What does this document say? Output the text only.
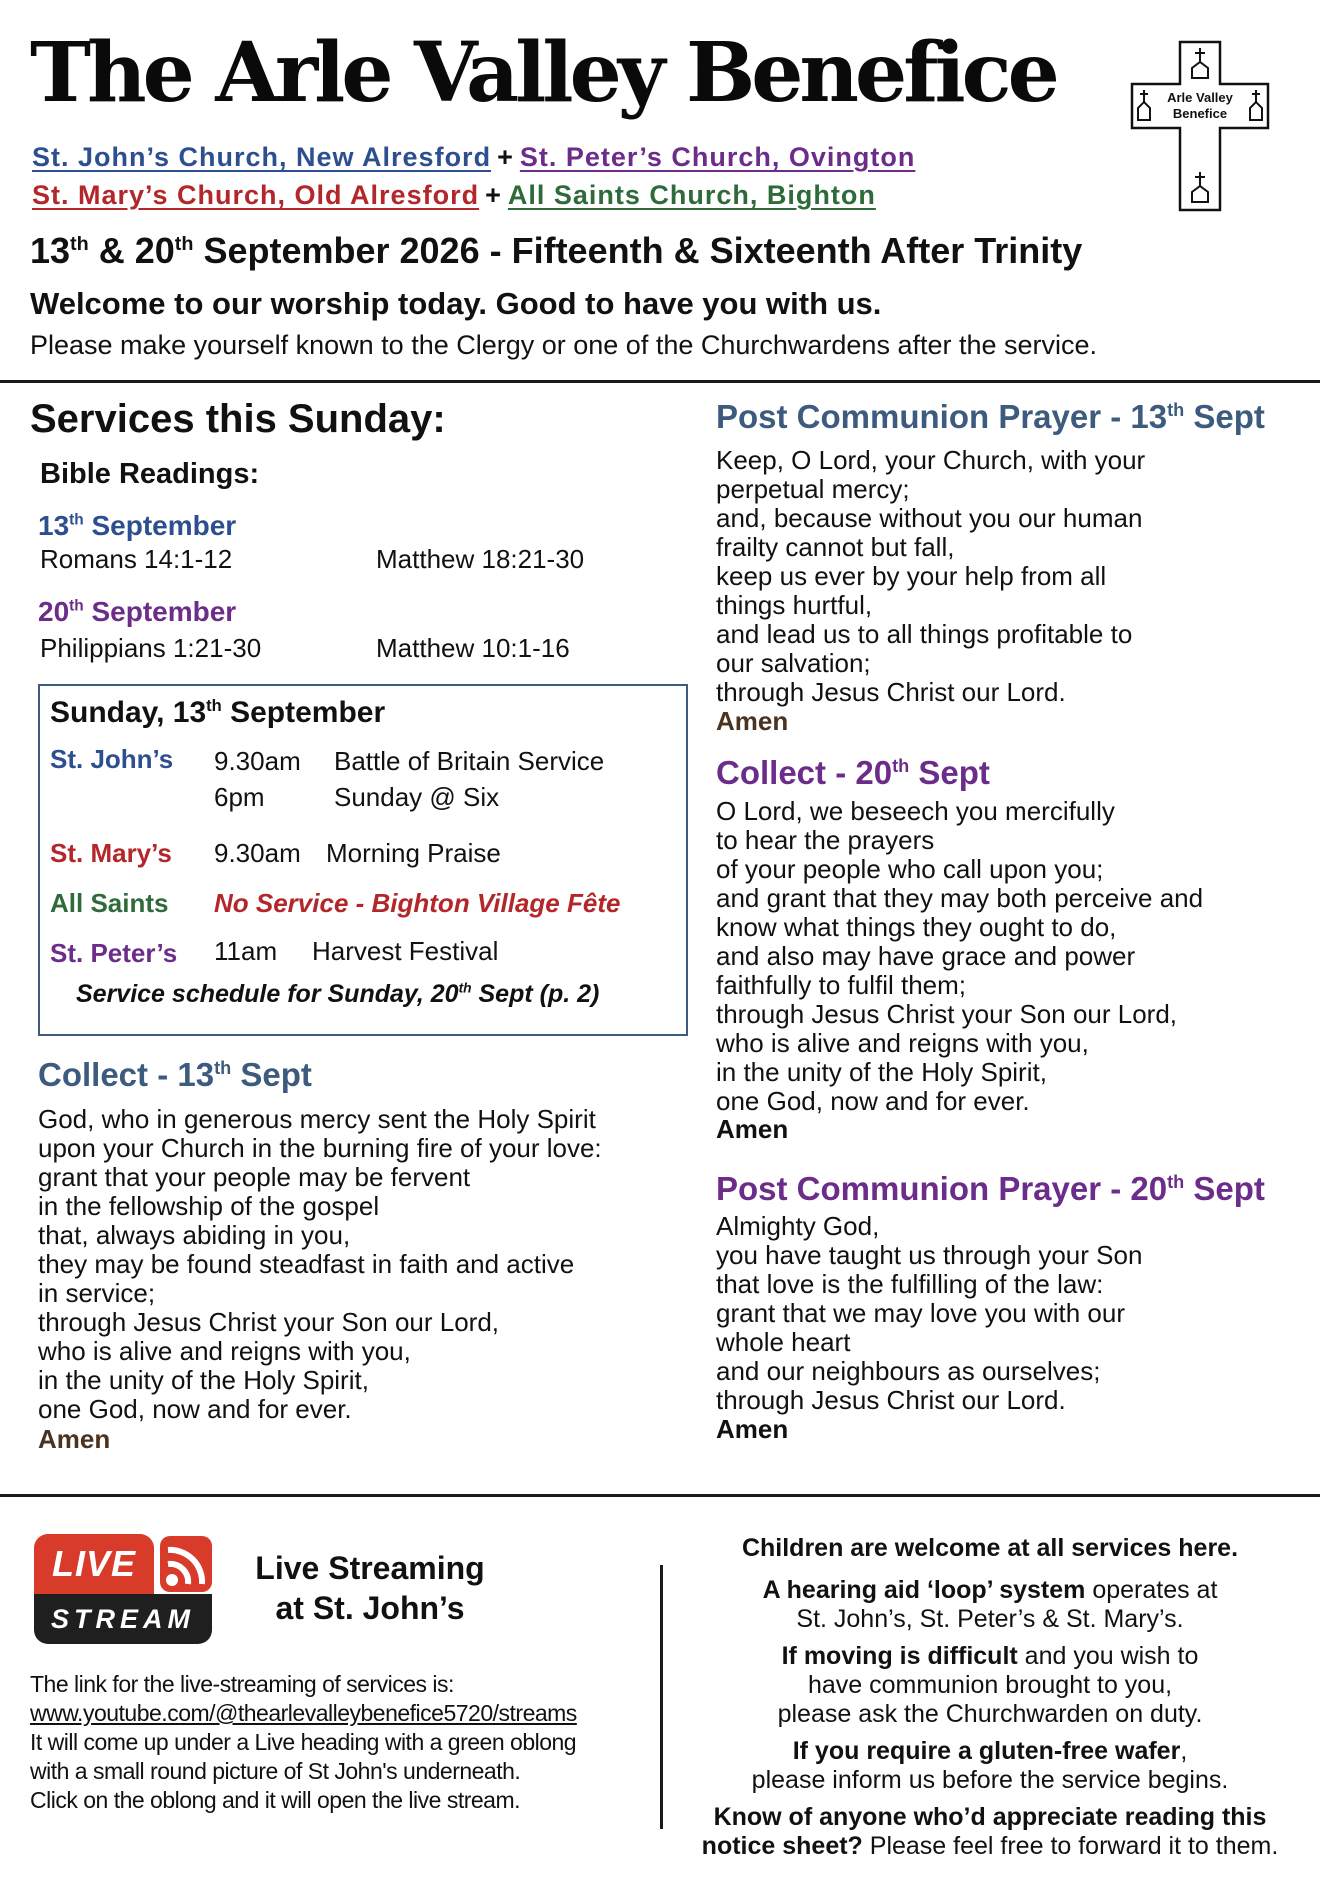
The Arle Valley Benefice
St. John’s Church, New Alresford + St. Peter’s Church, Ovington
St. Mary’s Church, Old Alresford + All Saints Church, Bighton
Arle Valley
Benefice
13th & 20th September 2026 - Fifteenth & Sixteenth After Trinity
Welcome to our worship today. Good to have you with us.
Please make yourself known to the Clergy or one of the Churchwardens after the service.
Services this Sunday:
Bible Readings:
13th September
Romans 14:1-12	Matthew 18:21-30
20th September
Philippians 1:21-30	Matthew 10:1-16
Sunday, 13th September
St. John’s 9.30am Battle of Britain Service
6pm	Sunday @ Six
St. Mary’s 9.30am Morning Praise
All Saints No Service - Bighton Village Fête
St. Peter’s 11am Harvest Festival
Service schedule for Sunday, 20th Sept (p. 2)
Collect - 13th Sept
God, who in generous mercy sent the Holy Spirit
upon your Church in the burning fire of your love:
grant that your people may be fervent
in the fellowship of the gospel
that, always abiding in you,
they may be found steadfast in faith and active
in service;
through Jesus Christ your Son our Lord,
who is alive and reigns with you,
in the unity of the Holy Spirit,
one God, now and for ever.
Amen
Post Communion Prayer - 13th Sept
Keep, O Lord, your Church, with your
perpetual mercy;
and, because without you our human
frailty cannot but fall,
keep us ever by your help from all
things hurtful,
and lead us to all things profitable to
our salvation;
through Jesus Christ our Lord.
Amen
Collect - 20th Sept
O Lord, we beseech you mercifully
to hear the prayers
of your people who call upon you;
and grant that they may both perceive and
know what things they ought to do,
and also may have grace and power
faithfully to fulfil them;
through Jesus Christ your Son our Lord,
who is alive and reigns with you,
in the unity of the Holy Spirit,
one God, now and for ever.
Amen
Post Communion Prayer - 20th Sept
Almighty God,
you have taught us through your Son
that love is the fulfilling of the law:
grant that we may love you with our
whole heart
and our neighbours as ourselves;
through Jesus Christ our Lord.
Amen
LIVE
STREAM
Live Streaming
at St. John’s
The link for the live-streaming of services is:
www.youtube.com/@thearlevalleybenefice5720/streams
It will come up under a Live heading with a green oblong
with a small round picture of St John's underneath.
Click on the oblong and it will open the live stream.
Children are welcome at all services here.
A hearing aid ‘loop’ system operates at
St. John’s, St. Peter’s & St. Mary’s.
If moving is difficult and you wish to
have communion brought to you,
please ask the Churchwarden on duty.
If you require a gluten-free wafer,
please inform us before the service begins.
Know of anyone who’d appreciate reading this
notice sheet? Please feel free to forward it to them.
